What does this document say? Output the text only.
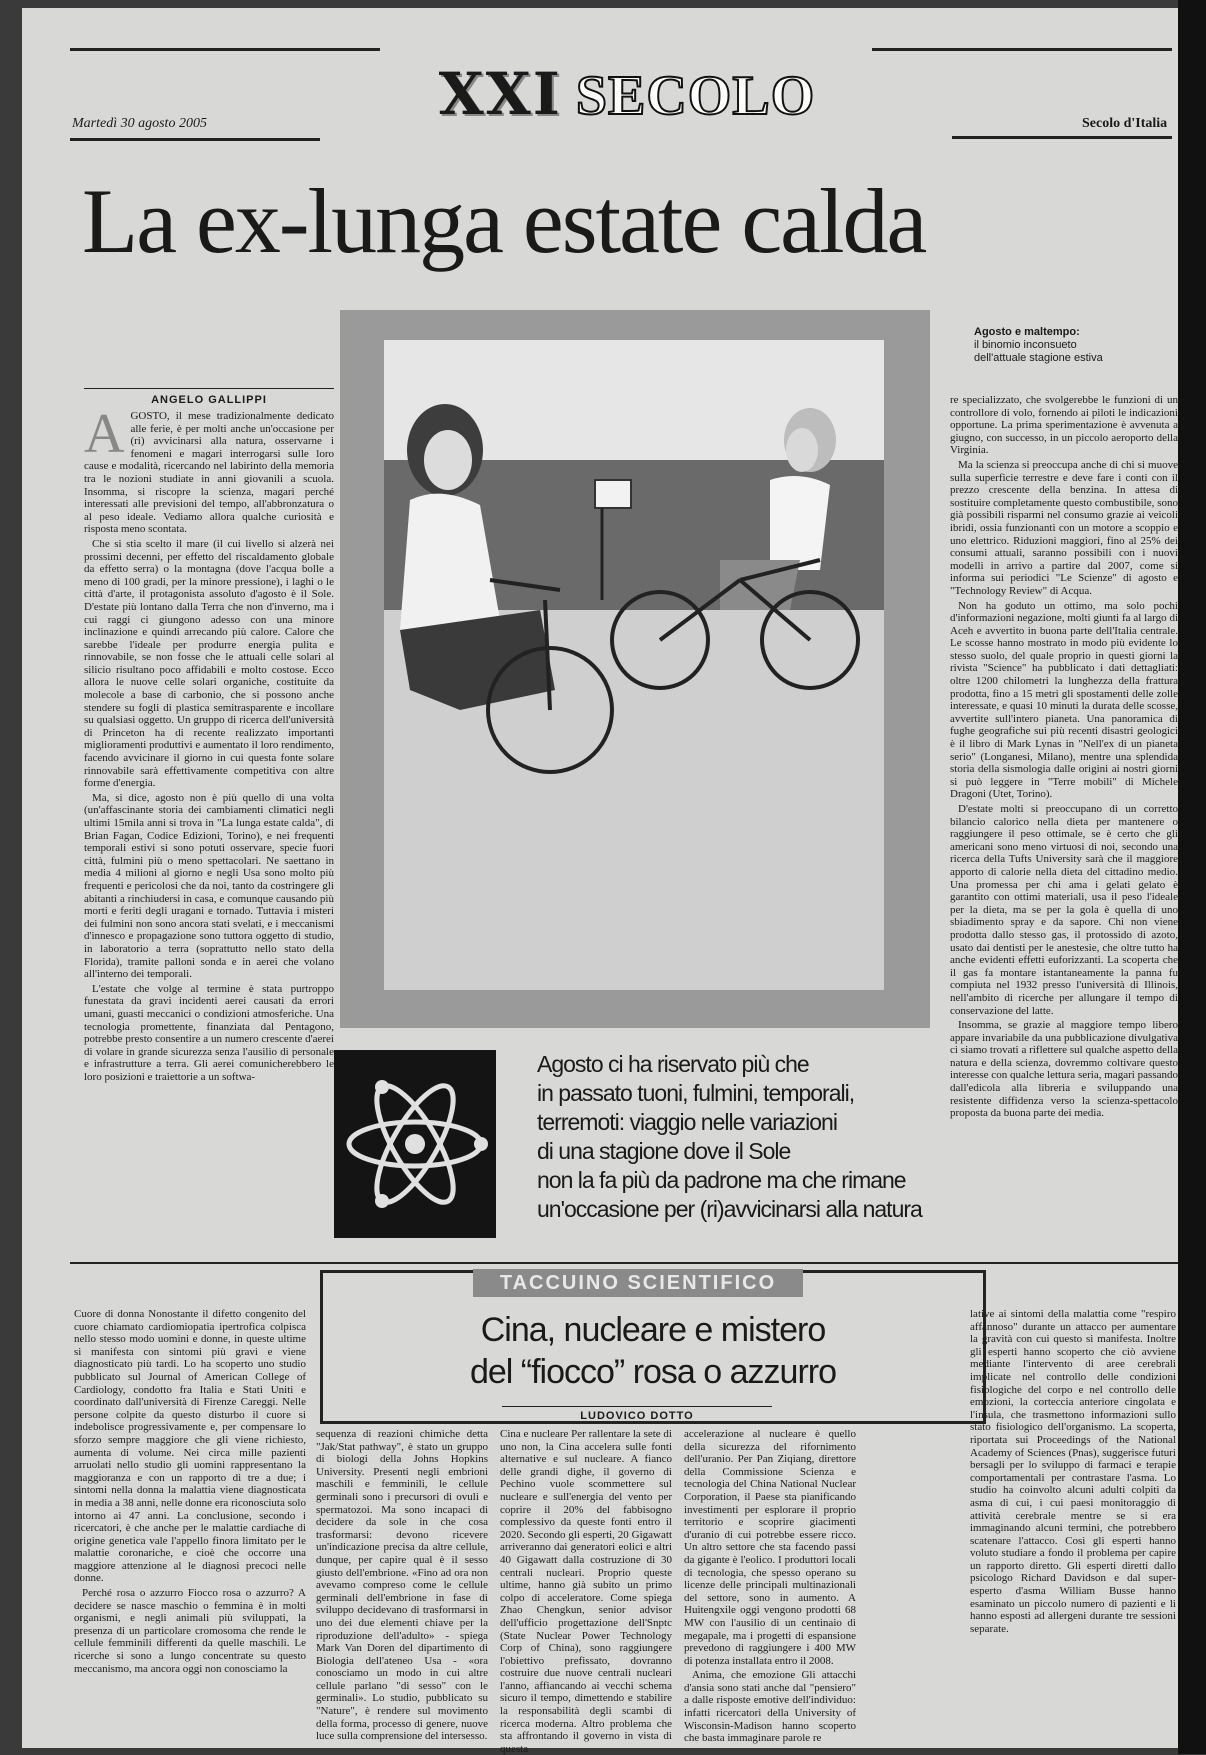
XXI SECOLO
Martedì 30 agosto 2005	Secolo d'Italia
La ex-lunga estate calda
Agosto e maltempo:
il binomio inconsueto
dell'attuale stagione estiva
ANGELO GALLIPPI
A GOSTO, il mese tradizionalmente dedicato alle ferie, è per molti anche un'occasione per (ri) avvicinarsi alla natura, osservarne i fenomeni e magari interrogarsi sulle loro cause e modalità, ricercando nel labirinto della memoria tra le nozioni studiate in anni giovanili a scuola. Insomma, si riscopre la scienza, magari perché interessati alle previsioni del tempo, all'abbronzatura o al peso ideale. Vediamo allora qualche curiosità e risposta meno scontata.

Che si stia scelto il mare (il cui livello si alzerà nei prossimi decenni, per effetto del riscaldamento globale da effetto serra) o la montagna (dove l'acqua bolle a meno di 100 gradi, per la minore pressione), i laghi o le città d'arte, il protagonista assoluto d'agosto è il Sole. D'estate più lontano dalla Terra che non d'inverno, ma i cui raggi ci giungono adesso con una minore inclinazione e quindi arrecando più calore. Calore che sarebbe l'ideale per produrre energia pulita e rinnovabile, se non fosse che le attuali celle solari al silicio risultano poco affidabili e molto costose. Ecco allora le nuove celle solari organiche, costituite da molecole a base di carbonio, che si possono anche stendere su fogli di plastica semitrasparente e incollare su qualsiasi oggetto. Un gruppo di ricerca dell'università di Princeton ha di recente realizzato importanti miglioramenti produttivi e aumentato il loro rendimento, facendo avvicinare il giorno in cui questa fonte solare rinnovabile sarà effettivamente competitiva con altre forme d'energia.

Ma, si dice, agosto non è più quello di una volta (un'affascinante storia dei cambiamenti climatici negli ultimi 15mila anni si trova in "La lunga estate calda", di Brian Fagan, Codice Edizioni, Torino), e nei frequenti temporali estivi si sono potuti osservare, specie fuori città, fulmini più o meno spettacolari. Ne saettano in media 4 milioni al giorno e negli Usa sono molto più frequenti e pericolosi che da noi, tanto da costringere gli abitanti a rinchiudersi in casa, e comunque causando più morti e feriti degli uragani e tornado. Tuttavia i misteri dei fulmini non sono ancora stati svelati, e i meccanismi d'innesco e propagazione sono tuttora oggetto di studio, in laboratorio a terra (soprattutto nello stato della Florida), tramite palloni sonda e in aerei che volano all'interno dei temporali.

L'estate che volge al termine è stata purtroppo funestata da gravi incidenti aerei causati da errori umani, guasti meccanici o condizioni atmosferiche. Una tecnologia promettente, finanziata dal Pentagono, potrebbe presto consentire a un numero crescente d'aerei di volare in grande sicurezza senza l'ausilio di personale e infrastrutture a terra. Gli aerei comunicherebbero le loro posizioni e traiettorie a un softwa-

re specializzato, che svolgerebbe le funzioni di un controllore di volo, fornendo ai piloti le indicazioni opportune. La prima sperimentazione è avvenuta a giugno, con successo, in un piccolo aeroporto della Virginia.

Ma la scienza si preoccupa anche di chi si muove sulla superficie terrestre e deve fare i conti con il prezzo crescente della benzina. In attesa di sostituire completamente questo combustibile, sono già possibili risparmi nel consumo grazie ai veicoli ibridi, ossia funzionanti con un motore a scoppio e uno elettrico. Riduzioni maggiori, fino al 25% dei consumi attuali, saranno possibili con i nuovi modelli in arrivo a partire dal 2007, come si informa sui periodici "Le Scienze" di agosto e "Technology Review" di Acqua.

Non ha goduto un ottimo, ma solo pochi d'informazioni negazione, molti giunti fa al largo di Aceh e avvertito in buona parte dell'Italia centrale. Le scosse hanno mostrato in modo più evidente lo stesso suolo, del quale proprio in questi giorni la rivista "Science" ha pubblicato i dati dettagliati: oltre 1200 chilometri la lunghezza della frattura prodotta, fino a 15 metri gli spostamenti delle zolle interessate, e quasi 10 minuti la durata delle scosse, avvertite sull'intero pianeta. Una panoramica di fughe geografiche sui più recenti disastri geologici è il libro di Mark Lynas in "Nell'ex di un pianeta serio" (Longanesi, Milano), mentre una splendida storia della sismologia dalle origini ai nostri giorni si può leggere in "Terre mobili" di Michele Dragoni (Utet, Torino).

D'estate molti si preoccupano di un corretto bilancio calorico nella dieta per mantenere o raggiungere il peso ottimale, se è certo che gli americani sono meno virtuosi di noi, secondo una ricerca della Tufts University sarà che il maggiore apporto di calorie nella dieta del cittadino medio. Una promessa per chi ama i gelati gelato è garantito con ottimi materiali, usa il peso l'ideale per la dieta, ma se per la gola è quella di uno sbiadimento spray e da sapore. Chi non viene prodotta dallo stesso gas, il protossido di azoto, usato dai dentisti per le anestesie, che oltre tutto ha anche evidenti effetti euforizzanti. La scoperta che il gas fa montare istantaneamente la panna fu compiuta nel 1932 presso l'università di Illinois, nell'ambito di ricerche per allungare il tempo di conservazione del latte.

Insomma, se grazie al maggiore tempo libero appare invariabile da una pubblicazione divulgativa ci siamo trovati a riflettere sul qualche aspetto della natura e della scienza, dovremmo coltivare questo interesse con qualche lettura seria, magari passando dall'edicola alla libreria e sviluppando una resistente diffidenza verso la scienza-spettacolo proposta da buona parte dei media.

Agosto ci ha riservato più che
in passato tuoni, fulmini, temporali,
terremoti: viaggio nelle variazioni
di una stagione dove il Sole
non la fa più da padrone ma che rimane
un'occasione per (ri)avvicinarsi alla natura
TACCUINO SCIENTIFICO
Cina, nucleare e mistero
del “fiocco” rosa o azzurro
LUDOVICO DOTTO

Cuore di donna Nonostante il difetto congenito del cuore chiamato cardiomiopatia ipertrofica colpisca nello stesso modo uomini e donne, in queste ultime si manifesta con sintomi più gravi e viene diagnosticato più tardi. Lo ha scoperto uno studio pubblicato sul Journal of American College of Cardiology, condotto fra Italia e Stati Uniti e coordinato dall'università di Firenze Careggi. Nelle persone colpite da questo disturbo il cuore si indebolisce progressivamente e, per compensare lo sforzo sempre maggiore che gli viene richiesto, aumenta di volume. Nei circa mille pazienti arruolati nello studio gli uomini rappresentano la maggioranza e con un rapporto di tre a due; i sintomi nella donna la malattia viene diagnosticata in media a 38 anni, nelle donne era riconosciuta solo intorno ai 47 anni. La conclusione, secondo i ricercatori, è che anche per le malattie cardiache di origine genetica vale l'appello finora limitato per le malattie coronariche, e cioè che occorre una maggiore attenzione al le diagnosi precoci nelle donne.

Perché rosa o azzurro Fiocco rosa o azzurro? A decidere se nasce maschio o femmina è in molti organismi, e negli animali più sviluppati, la presenza di un particolare cromosoma che rende le cellule femminili differenti da quelle maschili. Le ricerche si sono a lungo concentrate su questo meccanismo, ma ancora oggi non conosciamo la

sequenza di reazioni chimiche detta "Jak/Stat pathway", è stato un gruppo di biologi della Johns Hopkins University. Presenti negli embrioni maschili e femminili, le cellule germinali sono i precursori di ovuli e spermatozoi. Ma sono incapaci di decidere da sole in che cosa trasformarsi: devono ricevere un'indicazione precisa da altre cellule, dunque, per capire qual è il sesso giusto dell'embrione. «Fino ad ora non avevamo compreso come le cellule germinali dell'embrione in fase di sviluppo decidevano di trasformarsi in uno dei due elementi chiave per la riproduzione dell'adulto» - spiega Mark Van Doren del dipartimento di Biologia dell'ateneo Usa - «ora conosciamo un modo in cui altre cellule parlano "di sesso" con le germinali». Lo studio, pubblicato su "Nature", è rendere sul movimento della forma, processo di genere, nuove luce sulla comprensione del intersesso.

Cina e nucleare Per rallentare la sete di uno non, la Cina accelera sulle fonti alternative e sul nucleare. A fianco delle grandi dighe, il governo di Pechino vuole scommettere sul nucleare e sull'energia del vento per coprire il 20% del fabbisogno complessivo da queste fonti entro il 2020. Secondo gli esperti, 20 Gigawatt arriveranno dai generatori eolici e altri 40 Gigawatt dalla costruzione di 30 centrali nucleari. Proprio queste ultime, hanno già subito un primo colpo di acceleratore. Come spiega Zhao Chengkun, senior advisor dell'ufficio progettazione dell'Snptc (State Nuclear Power Technology Corp of China), sono raggiungere l'obiettivo prefissato, dovranno costruire due nuove centrali nucleari l'anno, affiancando ai vecchi schema sicuro il tempo, dimettendo e stabilire la responsabilità degli scambi di ricerca moderna. Altro problema che sta affrontando il governo in vista di questa

accelerazione al nucleare è quello della sicurezza del rifornimento dell'uranio. Per Pan Ziqiang, direttore della Commissione Scienza e tecnologia del China National Nuclear Corporation, il Paese sta pianificando investimenti per esplorare il proprio territorio e scoprire giacimenti d'uranio di cui potrebbe essere ricco. Un altro settore che sta facendo passi da gigante è l'eolico. I produttori locali di tecnologia, che spesso operano su licenze delle principali multinazionali del settore, sono in aumento. A Huitengxile oggi vengono prodotti 68 MW con l'ausilio di un centinaio di megapale, ma i progetti di espansione prevedono di raggiungere i 400 MW di potenza installata entro il 2008.

Anima, che emozione Gli attacchi d'ansia sono stati anche dal "pensiero" a dalle risposte emotive dell'individuo: infatti ricercatori della University of Wisconsin-Madison hanno scoperto che basta immaginare parole re

lative ai sintomi della malattia come "respiro affannoso" durante un attacco per aumentare la gravità con cui questo si manifesta. Inoltre gli esperti hanno scoperto che ciò avviene mediante l'intervento di aree cerebrali implicate nel controllo delle condizioni fisiologiche del corpo e nel controllo delle emozioni, la corteccia anteriore cingolata e l'insula, che trasmettono informazioni sullo stato fisiologico dell'organismo. La scoperta, riportata sui Proceedings of the National Academy of Sciences (Pnas), suggerisce futuri bersagli per lo sviluppo di farmaci e terapie comportamentali per contrastare l'asma. Lo studio ha coinvolto alcuni adulti colpiti da asma di cui, i cui paesi monitoraggio di attività cerebrale mentre se si era immaginando alcuni termini, che potrebbero scatenare l'attacco. Così gli esperti hanno voluto studiare a fondo il problema per capire un rapporto diretto. Gli esperti diretti dallo psicologo Richard Davidson e dal super-esperto d'asma William Busse hanno esaminato un piccolo numero di pazienti e li hanno esposti ad allergeni durante tre sessioni separate.
